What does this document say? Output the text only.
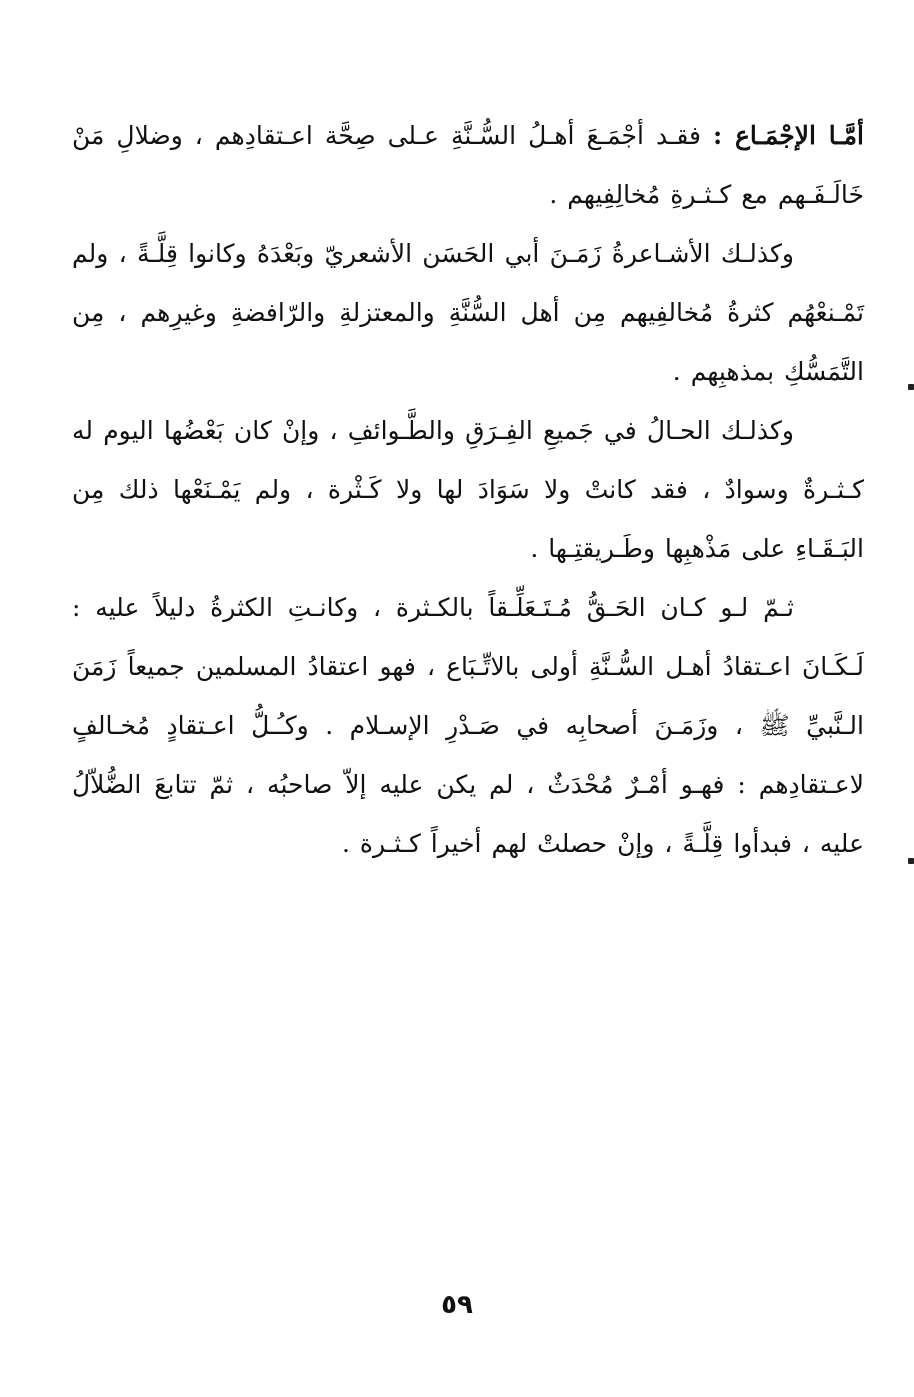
أمَّـا الإجْمَـاع : فقـد أجْمَـعَ أهـلُ السُّـنَّةِ عـلى صِحَّة اعـتقادِهم ، وضلالِ مَنْ خَالَـفَـهم مع كـثـرةِ مُخالِفِيهم .

وكذلـك الأشـاعرةُ زَمَـنَ أبي الحَسَن الأشعريّ وبَعْدَهُ وكانوا قِلَّـةً ، ولم تَمْـنعْهُم كثرةُ مُخالفِيهم مِن أهل السُّنَّةِ والمعتزلةِ والرّافضةِ وغيرِهم ، مِن التَّمَسُّكِ بمذهبِهم .

وكذلـك الحـالُ في جَميعِ الفِـرَقِ والطَّـوائفِ ، وإنْ كان بَعْضُها اليوم له كـثـرةٌ وسوادٌ ، فقد كانتْ ولا سَوَادَ لها ولا كَـثْرة ، ولم يَمْـنَعْها ذلك مِن البَـقَـاءِ على مَذْهبِها وطَـريقتِـها .

ثـمّ لـو كـان الحَـقُّ مُـتَـعَلِّـقاً بالكـثرة ، وكانـتِ الكثرةُ دليلاً عليه : لَـكَـانَ اعـتقادُ أهـل السُّـنَّةِ أولى بالاتِّـبَاع ، فهو اعتقادُ المسلمين جميعاً زَمَنَ الـنَّبيِّ ﷺ ، وزَمَـنَ أصحابِه في صَـدْرِ الإسـلام . وكـُـلُّ اعـتقادٍ مُخـالفٍ لاعـتقادِهم : فهـو أمْـرٌ مُحْدَثٌ ، لم يكن عليه إلاّ صاحبُه ، ثمّ تتابعَ الضُّلاّلُ عليه ، فبدأوا قِلَّـةً ، وإنْ حصلتْ لهم أخيراً كـثـرة .

٥٩
